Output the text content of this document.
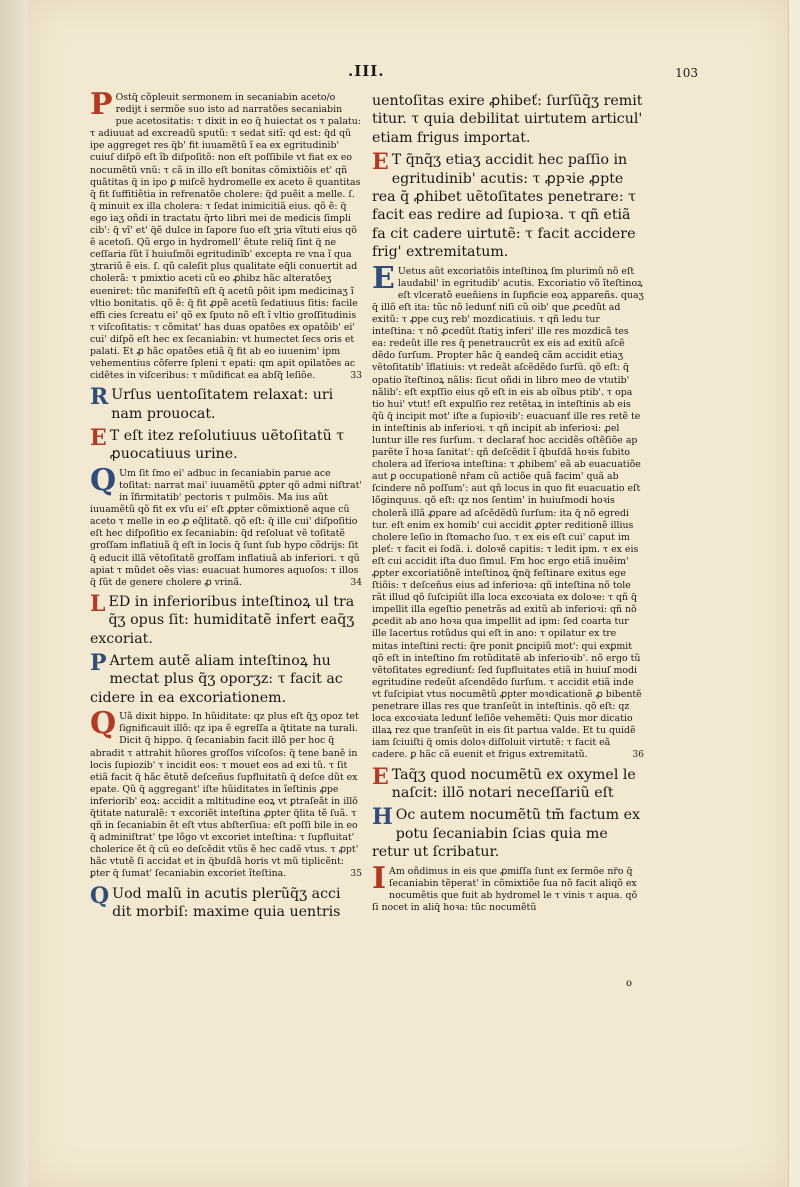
.III.	103

P Ostq̃ cõpleuit sermonem in secaniabin aceto/o redijt i sermõe suo isto ad narratões secaniabin pue acetositatis: τ dixit in eo q̃ huiectat os τ palatu: τ adiuuat ad excreadũ sputũ: τ sedat sitĩ: qd est: q̃d qũ ipe aggreget res q̃b' fit iuuamẽtũ ĩ ea ex egritudinib' cuiuſ diſpõ eſt ĩb diſpoſitõ: non eſt poſſibile vt fiat ex eo nocumẽtũ vnũ: τ cã in illo eſt bonitas cõmixtiõis et' qñ quãtitas q̃ in ipo ꝑ miſcẽ hydromelle ex aceto ẽ quantitas q̃ fit ſuffitiẽtia in refrenatõe cholere: q̃d puẽit a melle. ſ. q̃ minuit ex illa cholera: τ ſedat inimicitiã eius. qõ ẽ: q̃ ego iaʒ oñdi in tractatu q̃rto libri mei de medicis ſimpli cib': q̃ vĩ' et' q̃ẽ dulce in ſapore ſuo eſt ʒria vĩtuti eius qõ ẽ acetoſi. Qũ ergo in hydromell' ẽtute reliq̃ ſint q̃ ne ceſſaria ſũt ĩ huiuſmõi egritudinĩb' excepta re vna ĩ qua ʒtrariũ ẽ eis. ſ. qũ caleſit plus qualitate eq̃li conuertit ad cholerã: τ pmixtio aceti cũ eo ꝓhibz hãc alteratõeʒ eueniret: tũc manifeſtũ eſt q̃ acetũ põit ipm medicinaʒ ĩ vltio bonitatis. qõ ẽ: q̃ fit ꝓpẽ acetũ ſedatiuus ſitis: facile effi cies ſcreatu ei' qõ ex ſputo nõ eſt ĩ vltio groſſitudinis τ viſcoſitatis: τ cõmitat' has duas opatões ex opatõib' ei' cui' diſpõ eſt hec ex ſecaniabin: vt humectet ſecs oris et palati. Et ꝓ hãc opatões etiã q̃ fit ab eo iuuenim' ipm vehementius cõferre ſpleni τ epati: qm apit opilatões ac cidẽtes in viſceribus: τ mũdificat ea abſq̃ leſiõe.	33

R Urſus uentoſitatem relaxat: uri nam prouocat.

E T eſt itez reſolutiuus uẽtoſitatũ τ ꝓuocatiuus urine.

Q Um ſit ſmo ei' adbuc in ſecaniabin parue ace toſitat: narrat mai' iuuamẽtũ ꝓpter qõ admi niſtrat' in ĩfirmitatib' pectoris τ pulmõis. Ma ius aũt iuuamẽtũ qõ fit ex vſu ei' eſt ꝓpter cõmixtionẽ aque cũ aceto τ melle in eo ꝓ eq̃litatẽ. qõ eſt: q̃ ille cui' diſpoſitio eſt hec diſpoſitio ex ſecaniabin: q̃d reſoluat vẽ toſitatẽ groſſam inflatiuã q̃ eſt in locis q̃ ſunt ſub hypo cõdrijs: ſit q̃ educit illã vẽtoſitatẽ groſſam inflatiuã ab inferiori. τ qũ apiat τ mũdet oẽs vias: euacuat humores aquoſos: τ illos q̃ ſũt de genere cholere ꝓ vrinã.	34

LED in inferioribus inteſtinoꝝ ul tra q̃ʒ opus ſit: humiditatẽ infert eaq̃ʒ excoriat.

P Artem autẽ aliam inteſtinoꝝ hu mectat plus q̃ʒ oporʒz: τ facit ac cidere in ea excoriationem.

Q Uã dixit hippo. In hũiditate: qz plus eſt q̃ʒ opoz tet ſignificauit illõ: qz ipa ẽ egreſſa a q̃titate na turali. Dicit q̃ hippo. q̃ ſecaniabin facit illõ per hoc q̃ abradit τ attrahit hũores groſſos viſcoſos: q̃ tene banẽ in locis ſupiozib' τ incidit eos: τ mouet eos ad exi tũ. τ ſit etiã facit q̃ hãc ẽtutẽ deſceñus ſupfluitatũ q̃ deſce dũt ex epate. Qũ q̃ aggregant' iſte hũiditates in ĩeſtinis ꝓpe inferiorib' eoꝝ: accidit a mltitudine eoꝝ vt ꝑtraſeãt in illõ q̃titate naturalẽ: τ excoriẽt inteſtina ꝓpter q̃lita tẽ ſuã. τ qñ in ſecaniabin ẽt eſt vtus abſterſiua: eſt poſſi bile in eo q̃ adminiſtrat' tpe lõgo vt excoriet inteſtina: τ ſupfluitat' cholerice ẽt q̃ cũ eo deſcẽdit vtũs ẽ hec cadẽ vtus. τ ꝓpt' hãc vtutẽ ſi accidat et in q̃buſdã horis vt mũ tiplicẽnt: ꝑter q̃ ſumat' ſecaniabin excoriet ĩteſtina.	35

Q Uod malũ in acutis plerũq̃ʒ acci dit morbiſ: maxime quia uentris

uentoſitas exire ꝓhibeť: ſurſũq̃ʒ remit titur. τ quia debilitat uirtutem articul' etiam frigus importat.

E T q̃nq̃ʒ etiaʒ accidit hec paſſio in egritudinib' acutis: τ ꝓpꝛie ꝓpte rea q̃ ꝓhibet uẽtoſitates penetrare: τ facit eas redire ad ſupioꝛa. τ qñ etiã fa cit cadere uirtutẽ: τ facit accidere frig' extremitatum.

E Uetus aũt excoriatõis inteſtinoꝝ ſm plurimũ nõ eſt laudabil' in egritudib' acutis. Excoriatio võ ĩteſtinoꝝ eſt vlceratõ eueñiens in ſupficie eoꝝ appareñs. quaʒ q̃ illõ eſt ita: tũc nõ ledunť niſi cũ oib' que ꝓcedũt ad exitũ: τ ꝓpe cuʒ reb' mozdicatiuis. τ qñ ledu tur inteſtina: τ nõ ꝓcedũt ſtatiʒ inferi' ille res mozdicã tes ea: redeũt ille res q̃ penetraucrũt ex eis ad exitũ aſcẽ dẽdo ſurſum. Propter hãc q̃ eandeq̃ cãm accidit etiaʒ vẽtoſitatib' ĩflatiuis: vt redeãt aſcẽdẽdo ſurſũ. qõ eſt: q̃ opatio ĩteſtinoꝝ nãlis: ſicut oñdi in libro meo de vtutib' nãlib': eſt expſſio eius qõ eſt in eis ab oĩbus ptib'. τ opa tio hui' vtut! eſt expulſio rez retẽtaꝝ in inteſtinis ab eis q̃ũ q̃ incipit mot' iſte a ſupioꝛib': euacuanť ille res retẽ te in inteſtinis ab inferioꝛi. τ qñ incipit ab inferioꝛi: ꝓel luntur ille res ſurſum. τ declarať hoc accidẽs oſtẽſiõe ap parẽte ĩ hoꝛa ſanitat': qñ deſcẽdit ĩ q̃buſdã hoꝛis ſubito cholera ad ĩferioꝛa inteſtina: τ ꝓhibem' eã ab euacuatiõe aut ꝑ occupationẽ nr̃am cũ actiõe quã facim' quã ab ſcindere nõ poſſum': aut qñ locus in quo fit euacuatio eſt lõginquus. qõ eſt: qz nos ſentim' in huiuſmodi hoꝛis cholerã illã ꝓpare ad aſcẽdẽdũ ſurſum: ita q̃ nõ egredi tur. eſt enim ex homib' cui accidit ꝓpter reditionẽ illius cholere leſio in ſtomacho ſuo. τ ex eis eſt cui' caput im pleť: τ facit ei ſodã. i. doloꝛẽ capitis: τ ledit ipm. τ ex eis eſt cui accidit iſta duo ſimul. Fm hoc ergo etiã inuẽim' ꝓpter excoriatiõnẽ inteſtinoꝝ q̃nq̃ feſtinare exitus ege ſtiõis: τ deſceñus eius ad inferioꝛa: qñ inteſtina nõ tole rãt illud qõ ſuſcipiũt illa loca excoꝛiata ex doloꝛe: τ qñ q̃ impellit illa egeſtio penetrãs ad exitũ ab inferioꝛi: qñ nõ ꝓcedit ab ano hoꝛa qua impellit ad ipm: ſed coarta tur ille lacertus rotũdus qui eſt in ano: τ opilatur ex tre mitas inteſtini recti: q̃re ponit ꝑncipiũ mot': qui exꝑmit qõ eſt in inteſtino ſm rotũditatẽ ab inferioꝛib'. nõ ergo tũ vẽtoſitates egrediunť: ſed ſupfluitates etiã in huiuſ modi egritudine redeũt aſcendẽdo ſurſum. τ accidit etiã inde vt ſuſcipiat vtus nocumẽtũ ꝓpter moꝛdicationẽ ꝓ bibentẽ penetrare illas res que tranſeũt in inteſtinis. qõ eſt: qz loca excoꝛiata ledunť leſiõe vehemẽti: Quis mor dicatio illaꝝ rez que tranſeũt in eis ſit partua valde. Et tu quidẽ iam ſciuiſti q̃ omis doloꝛ diſſoluit virtutẽ: τ facit eã cadere. ꝑ hãc cã euenit et frigus extremitatũ.	36

E Taq̃ʒ quod nocumẽtũ ex oxymel le naſcit: illõ notari neceſſariũ eſt

H Oc autem nocumẽtũ tm̃ factum ex potu ſecaniabin ſcias quia me retur ut ſcribatur.

I Am oñdimus in eis que ꝓmiſſa ſunt ex ſermõe nr̃o q̃ ſecaniabin tẽperat' in cõmixtiõe ſua nõ facit aliqõ ex nocumẽtis que fuit ab hydromel le τ vinis τ aqua. qõ ſi nocet in aliq̃ hoꝛa: tũc nocumẽtũ

o
